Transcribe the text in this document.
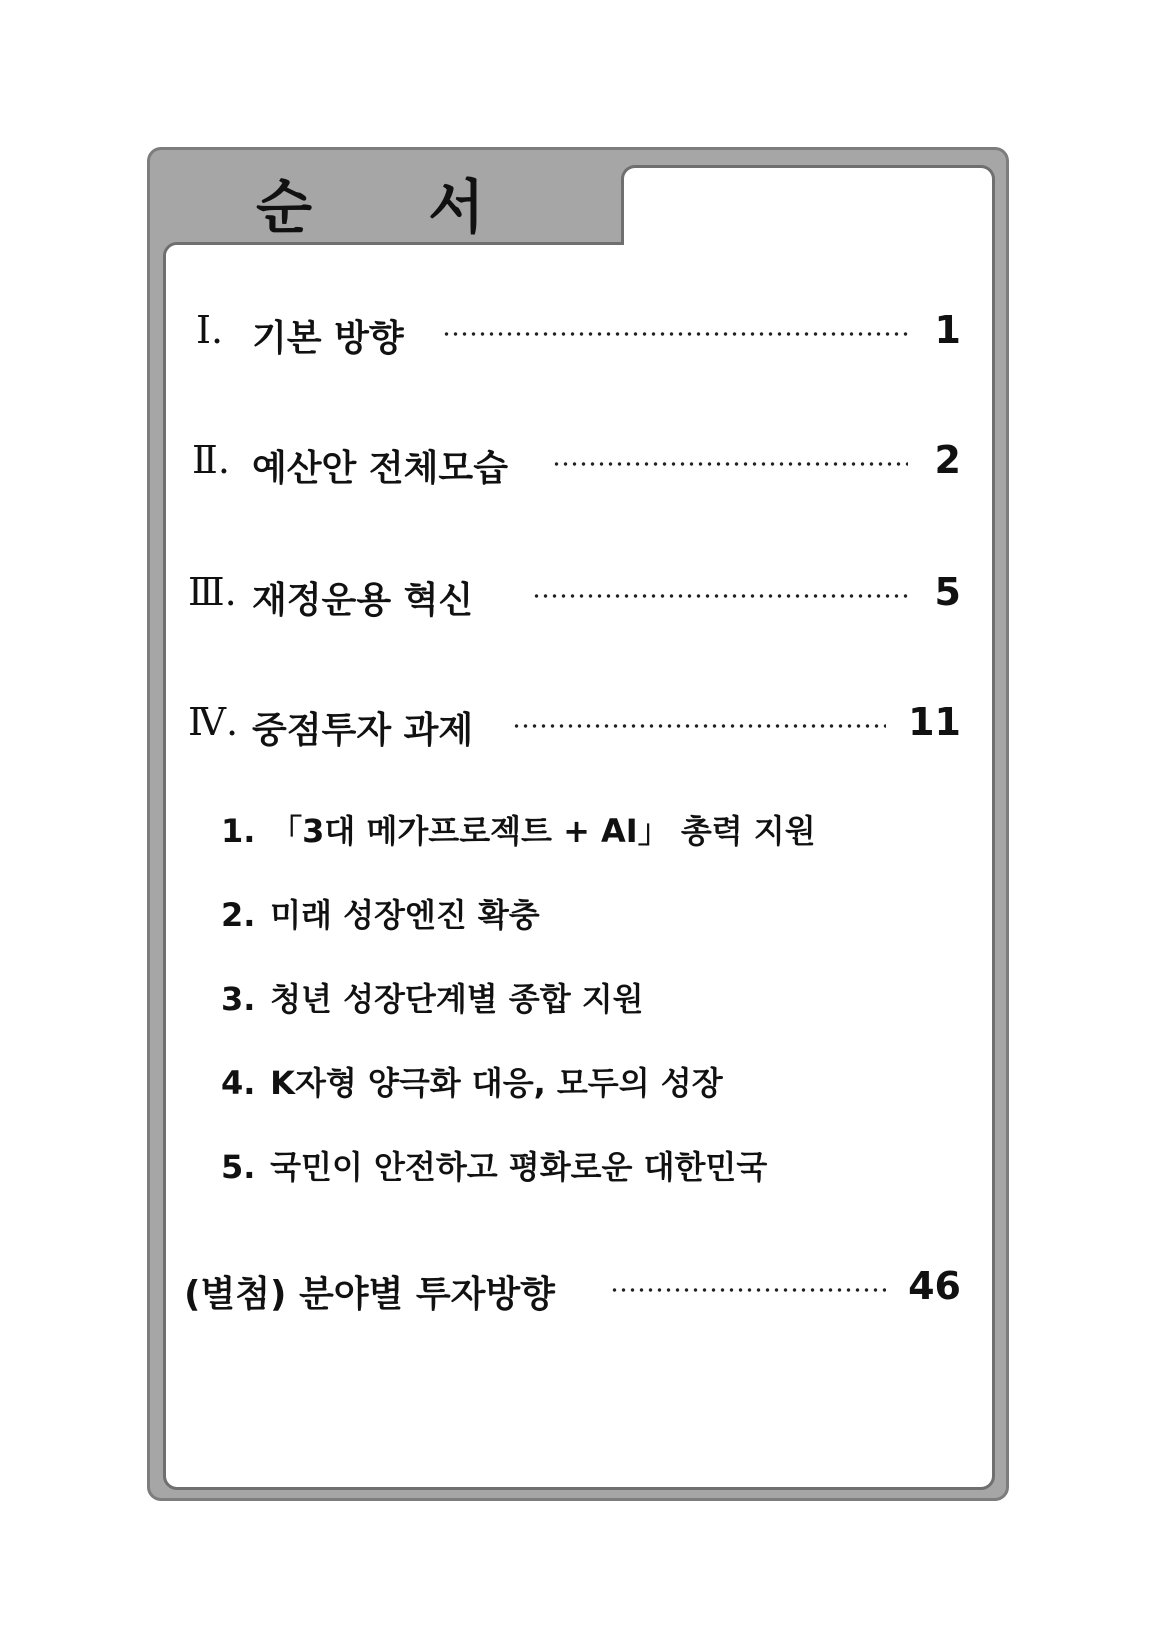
순 서
Ⅰ. 기본 방향	1
Ⅱ. 예산안 전체모습	2
Ⅲ. 재정운용 혁신	5
Ⅳ. 중점투자 과제	11
1. 「3대 메가프로젝트 + AI」 총력 지원
2. 미래 성장엔진 확충
3. 청년 성장단계별 종합 지원
4. K자형 양극화 대응, 모두의 성장
5. 국민이 안전하고 평화로운 대한민국
(별첨) 분야별 투자방향	46
